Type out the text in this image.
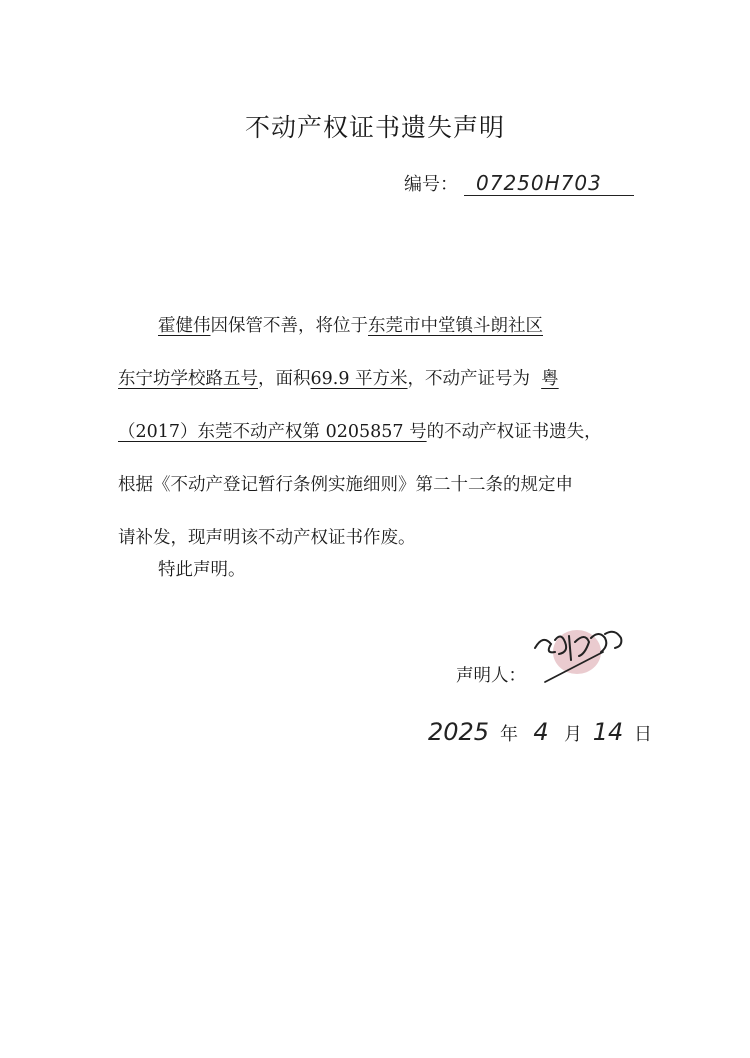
不动产权证书遗失声明
编号： 07250H703

霍健伟因保管不善，将位于东莞市中堂镇斗朗社区

东宁坊学校路五号，面积69.9 平方米，不动产证号为 粤

（2017）东莞不动产权第 0205857 号的不动产权证书遗失，

根据《不动产登记暂行条例实施细则》第二十二条的规定申

请补发，现声明该不动产权证书作废。

特此声明。
声明人：
2025 年 4 月 14 日
